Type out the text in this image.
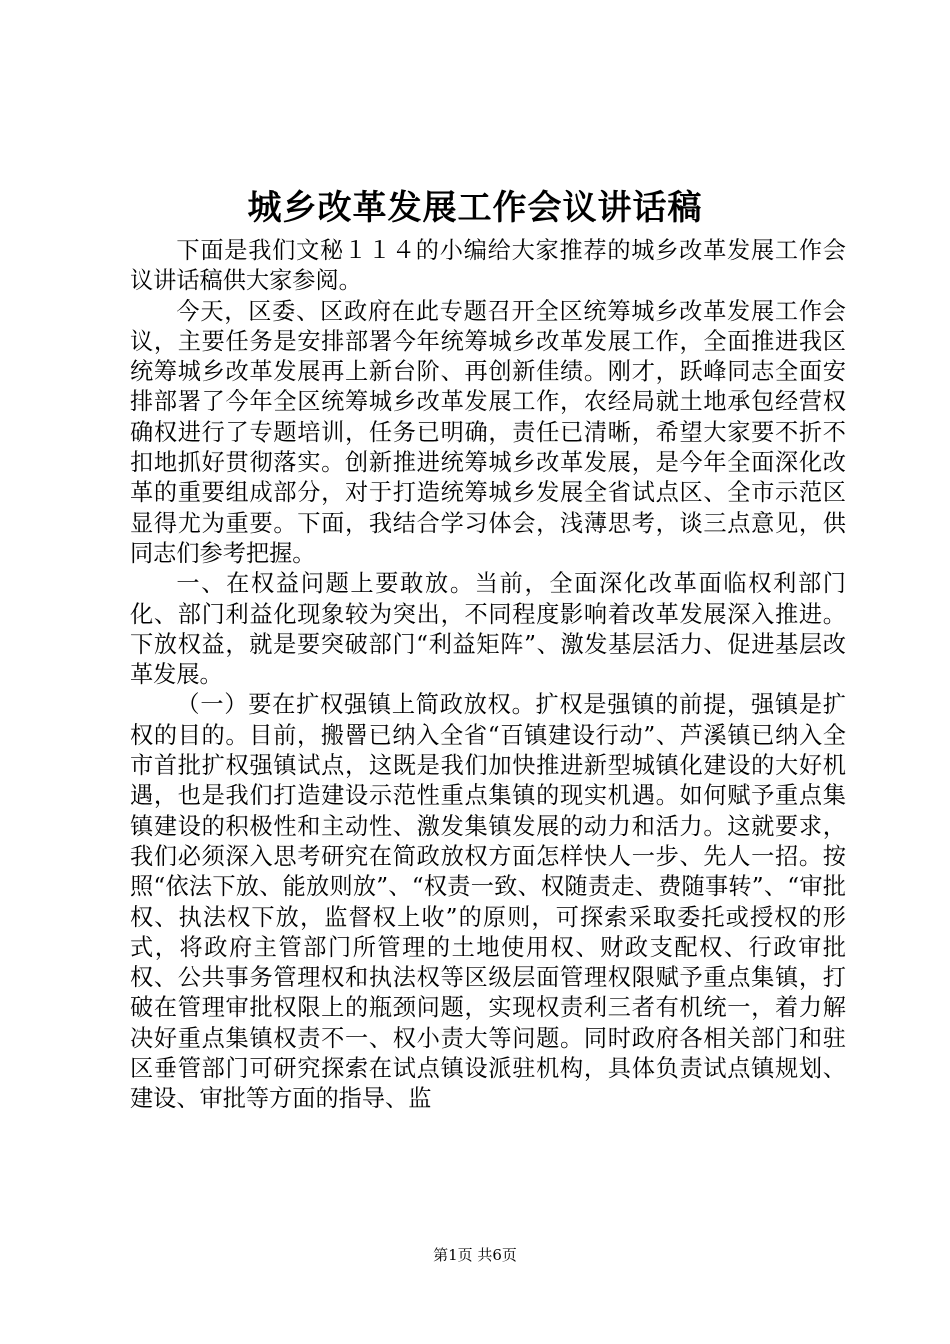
城乡改革发展工作会议讲话稿

下面是我们文秘１１４的小编给大家推荐的城乡改革发展工作会议讲话稿供大家参阅。

今天，区委、区政府在此专题召开全区统筹城乡改革发展工作会议，主要任务是安排部署今年统筹城乡改革发展工作，全面推进我区统筹城乡改革发展再上新台阶、再创新佳绩。刚才，跃峰同志全面安排部署了今年全区统筹城乡改革发展工作，农经局就土地承包经营权确权进行了专题培训，任务已明确，责任已清晰，希望大家要不折不扣地抓好贯彻落实。创新推进统筹城乡改革发展，是今年全面深化改革的重要组成部分，对于打造统筹城乡发展全省试点区、全市示范区显得尤为重要。下面，我结合学习体会，浅薄思考，谈三点意见，供同志们参考把握。

一、在权益问题上要敢放。当前，全面深化改革面临权利部门化、部门利益化现象较为突出，不同程度影响着改革发展深入推进。下放权益，就是要突破部门“利益矩阵”、激发基层活力、促进基层改革发展。

（一）要在扩权强镇上简政放权。扩权是强镇的前提，强镇是扩权的目的。目前，搬罾已纳入全省“百镇建设行动”、芦溪镇已纳入全市首批扩权强镇试点，这既是我们加快推进新型城镇化建设的大好机遇，也是我们打造建设示范性重点集镇的现实机遇。如何赋予重点集镇建设的积极性和主动性、激发集镇发展的动力和活力。这就要求，我们必须深入思考研究在简政放权方面怎样快人一步、先人一招。按照“依法下放、能放则放”、“权责一致、权随责走、费随事转”、“审批权、执法权下放，监督权上收”的原则，可探索采取委托或授权的形式，将政府主管部门所管理的土地使用权、财政支配权、行政审批权、公共事务管理权和执法权等区级层面管理权限赋予重点集镇，打破在管理审批权限上的瓶颈问题，实现权责利三者有机统一，着力解决好重点集镇权责不一、权小责大等问题。同时政府各相关部门和驻区垂管部门可研究探索在试点镇设派驻机构，具体负责试点镇规划、建设、审批等方面的指导、监

第1页 共6页
